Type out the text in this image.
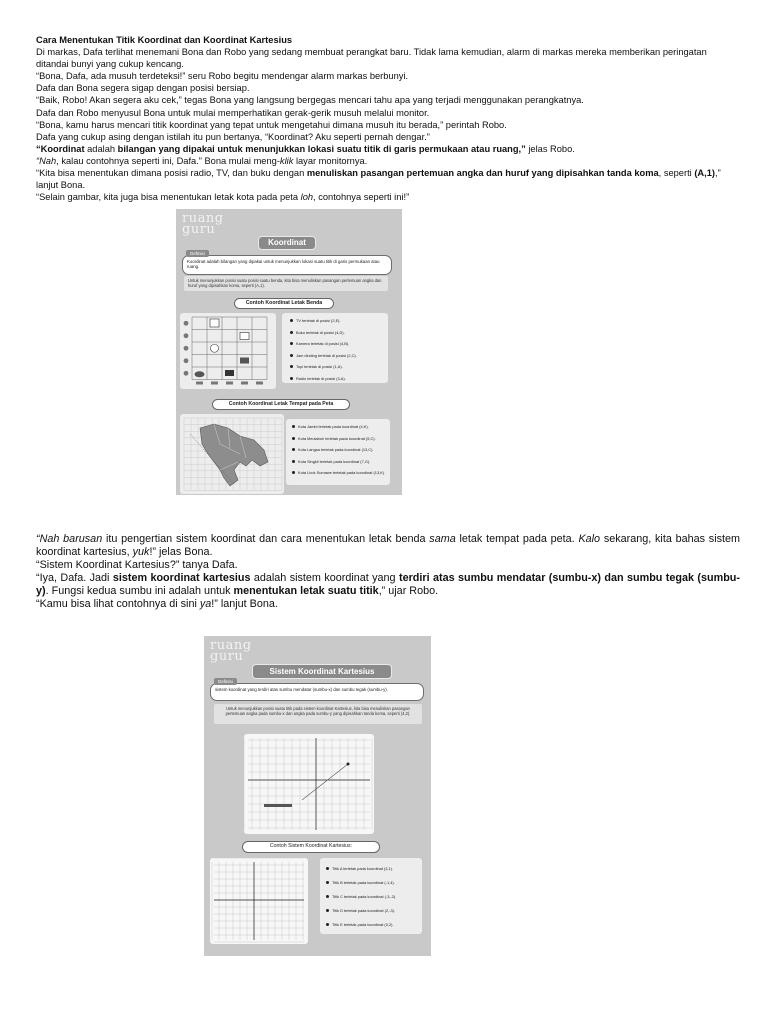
Cara Menentukan Titik Koordinat dan Koordinat Kartesius

Di markas, Dafa terlihat menemani Bona dan Robo yang sedang membuat perangkat baru. Tidak lama kemudian, alarm di markas mereka memberikan peringatan ditandai bunyi yang cukup kencang.

“Bona, Dafa, ada musuh terdeteksi!” seru Robo begitu mendengar alarm markas berbunyi.

Dafa dan Bona segera sigap dengan posisi bersiap.

“Baik, Robo! Akan segera aku cek,” tegas Bona yang langsung bergegas mencari tahu apa yang terjadi menggunakan perangkatnya.

Dafa dan Robo menyusul Bona untuk mulai memperhatikan gerak-gerik musuh melalui monitor.

“Bona, kamu harus mencari titik koordinat yang tepat untuk mengetahui dimana musuh itu berada,” perintah Robo.

Dafa yang cukup asing dengan istilah itu pun bertanya, “Koordinat? Aku seperti pernah dengar.”

“Koordinat adalah bilangan yang dipakai untuk menunjukkan lokasi suatu titik di garis permukaan atau ruang,” jelas Robo.

“Nah, kalau contohnya seperti ini, Dafa.” Bona mulai meng-klik layar monitornya.

“Kita bisa menentukan dimana posisi radio, TV, dan buku dengan menuliskan pasangan pertemuan angka dan huruf yang dipisahkan tanda koma, seperti (A,1),” lanjut Bona.

“Selain gambar, kita juga bisa menentukan letak kota pada peta loh, contohnya seperti ini!”

ruang
guru
Koordinat
Koordinat adalah bilangan yang dipakai untuk menunjukkan lokasi suatu titik di garis permukaan atau ruang.
Definisi
Untuk menunjukkan posisi suatu posisi suatu benda, kita bisa menuliskan pasangan pertemuan angka dan huruf yang dipisahkan koma, seperti (A,1).
Contoh Koordinat Letak Benda
TV terletak di posisi (2,E).
Buku terletak di posisi (4,D).
Kamera terletak di posisi (4,B).
Jam dinding terletak di posisi (2,C).
Topi terletak di posisi (1,A).
Radio terletak di posisi (3,A).
Contoh Koordinat Letak Tempat pada Peta
Kota Jambi terletak pada koordinat (4,K).
Kota Meulaboh terletak pada koordinat (5,C).
Kota Langsa terletak pada koordinat (13,C).
Kota Singkil terletak pada koordinat (7,G).
Kota Lhok Sumawe terletak pada koordinat (13,K).

“Nah barusan itu pengertian sistem koordinat dan cara menentukan letak benda sama letak tempat pada peta. Kalo sekarang, kita bahas sistem koordinat kartesius, yuk!” jelas Bona.

“Sistem Koordinat Kartesius?” tanya Dafa.

“Iya, Dafa. Jadi sistem koordinat kartesius adalah sistem koordinat yang terdiri atas sumbu mendatar (sumbu-x) dan sumbu tegak (sumbu-y). Fungsi kedua sumbu ini adalah untuk menentukan letak suatu titik,” ujar Robo.

“Kamu bisa lihat contohnya di sini ya!” lanjut Bona.

ruang
guru
Sistem Koordinat Kartesius
sistem koordinat yang terdiri atas sumbu mendatar (sumbu-x) dan sumbu tegak (sumbu-y).
Definisi
Untuk menunjukkan posisi suatu titik pada sistem koordinat Kartesius, kita bisa menuliskan pasangan pertemuan angka pada sumbu-x dan angka pada sumbu-y yang dipisahkan tanda koma, seperti (4,2).
Contoh Sistem Koordinat Kartesius:
Titik A terletak pada koordinat (3,1).
Titik B terletak pada koordinat (-1,4).
Titik C terletak pada koordinat (-3,-2).
Titik D terletak pada koordinat (2,-3).
Titik E terletak pada koordinat (0,2).
